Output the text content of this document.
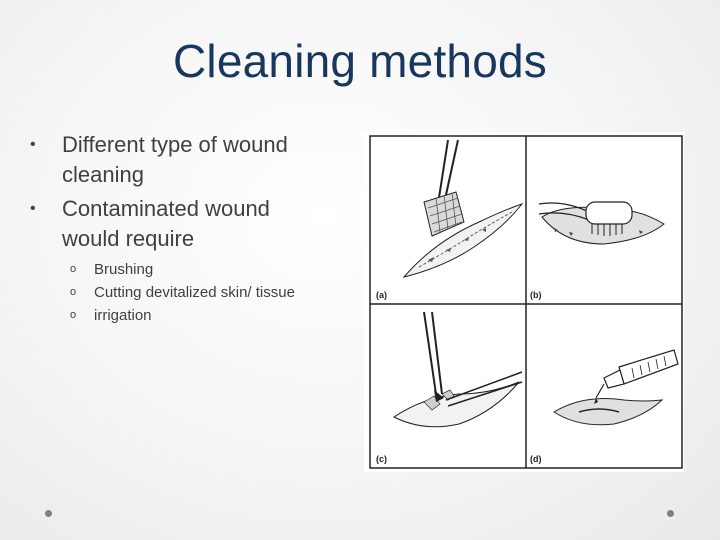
Cleaning methods
• Different type of wound cleaning
• Contaminated wound would require
o Brushing
o Cutting devitalized skin/ tissue
o irrigation
(a)	(b)
(c)	(d)
